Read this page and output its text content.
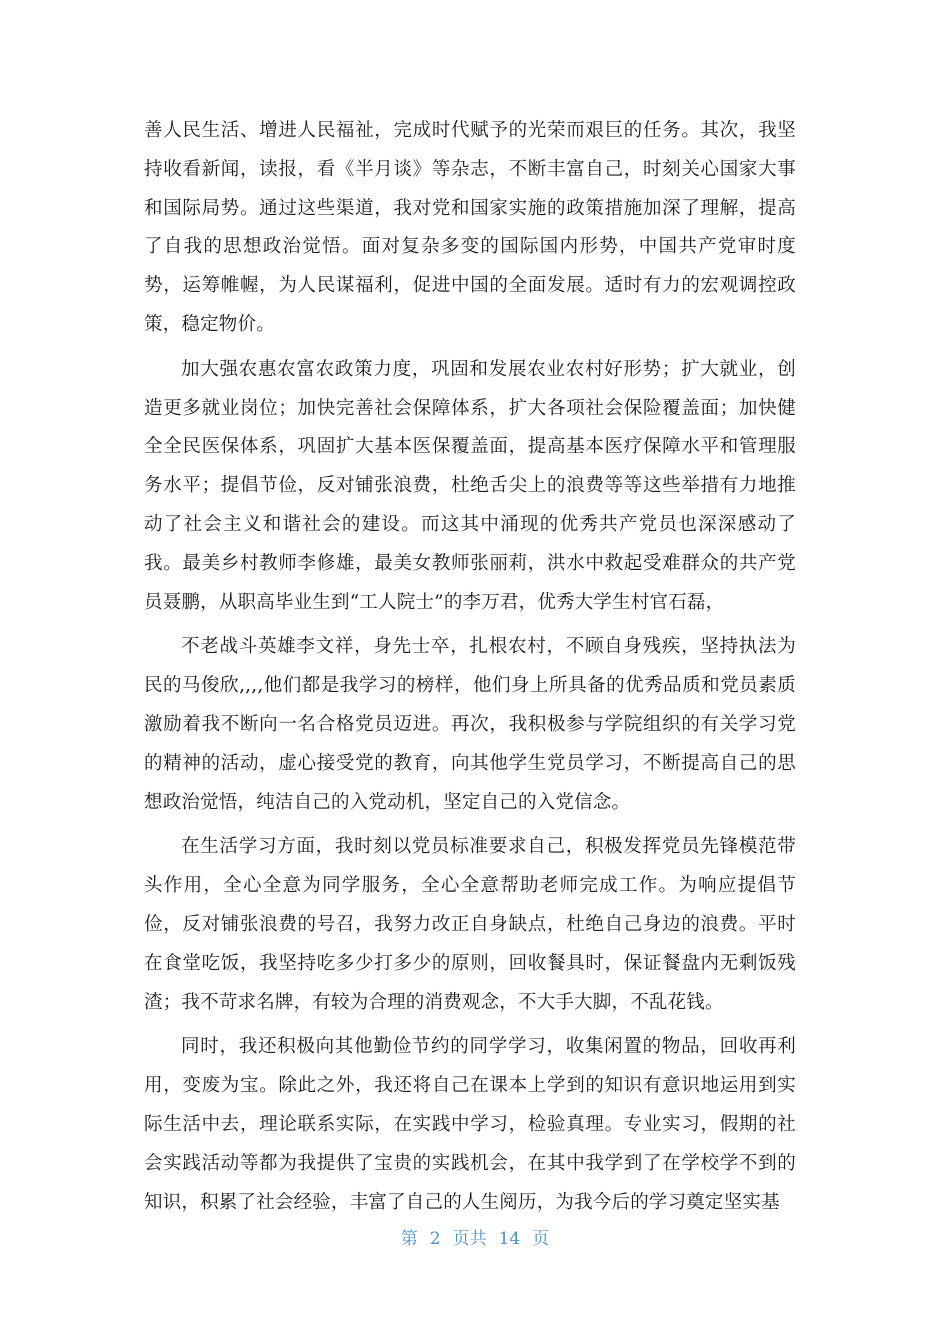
善人民生活、增进人民福祉，完成时代赋予的光荣而艰巨的任务。其次，我坚持收看新闻，读报，看《半月谈》等杂志，不断丰富自己，时刻关心国家大事和国际局势。通过这些渠道，我对党和国家实施的政策措施加深了理解，提高了自我的思想政治觉悟。面对复杂多变的国际国内形势，中国共产党审时度势，运筹帷幄，为人民谋福利，促进中国的全面发展。适时有力的宏观调控政策，稳定物价。

加大强农惠农富农政策力度，巩固和发展农业农村好形势；扩大就业，创造更多就业岗位；加快完善社会保障体系，扩大各项社会保险覆盖面；加快健全全民医保体系，巩固扩大基本医保覆盖面，提高基本医疗保障水平和管理服务水平；提倡节俭，反对铺张浪费，杜绝舌尖上的浪费等等这些举措有力地推动了社会主义和谐社会的建设。而这其中涌现的优秀共产党员也深深感动了我。最美乡村教师李修雄，最美女教师张丽莉，洪水中救起受难群众的共产党员聂鹏，从职高毕业生到“工人院士”的李万君，优秀大学生村官石磊，

不老战斗英雄李文祥，身先士卒，扎根农村，不顾自身残疾，坚持执法为民的马俊欣,,,,他们都是我学习的榜样，他们身上所具备的优秀品质和党员素质激励着我不断向一名合格党员迈进。再次，我积极参与学院组织的有关学习党的精神的活动，虚心接受党的教育，向其他学生党员学习，不断提高自己的思想政治觉悟，纯洁自己的入党动机，坚定自己的入党信念。

在生活学习方面，我时刻以党员标准要求自己，积极发挥党员先锋模范带头作用，全心全意为同学服务，全心全意帮助老师完成工作。为响应提倡节俭，反对铺张浪费的号召，我努力改正自身缺点，杜绝自己身边的浪费。平时在食堂吃饭，我坚持吃多少打多少的原则，回收餐具时，保证餐盘内无剩饭残渣；我不苛求名牌，有较为合理的消费观念，不大手大脚，不乱花钱。

同时，我还积极向其他勤俭节约的同学学习，收集闲置的物品，回收再利用，变废为宝。除此之外，我还将自己在课本上学到的知识有意识地运用到实际生活中去，理论联系实际，在实践中学习，检验真理。专业实习，假期的社会实践活动等都为我提供了宝贵的实践机会，在其中我学到了在学校学不到的知识，积累了社会经验，丰富了自己的人生阅历，为我今后的学习奠定坚实基

第 2 页共 14 页
